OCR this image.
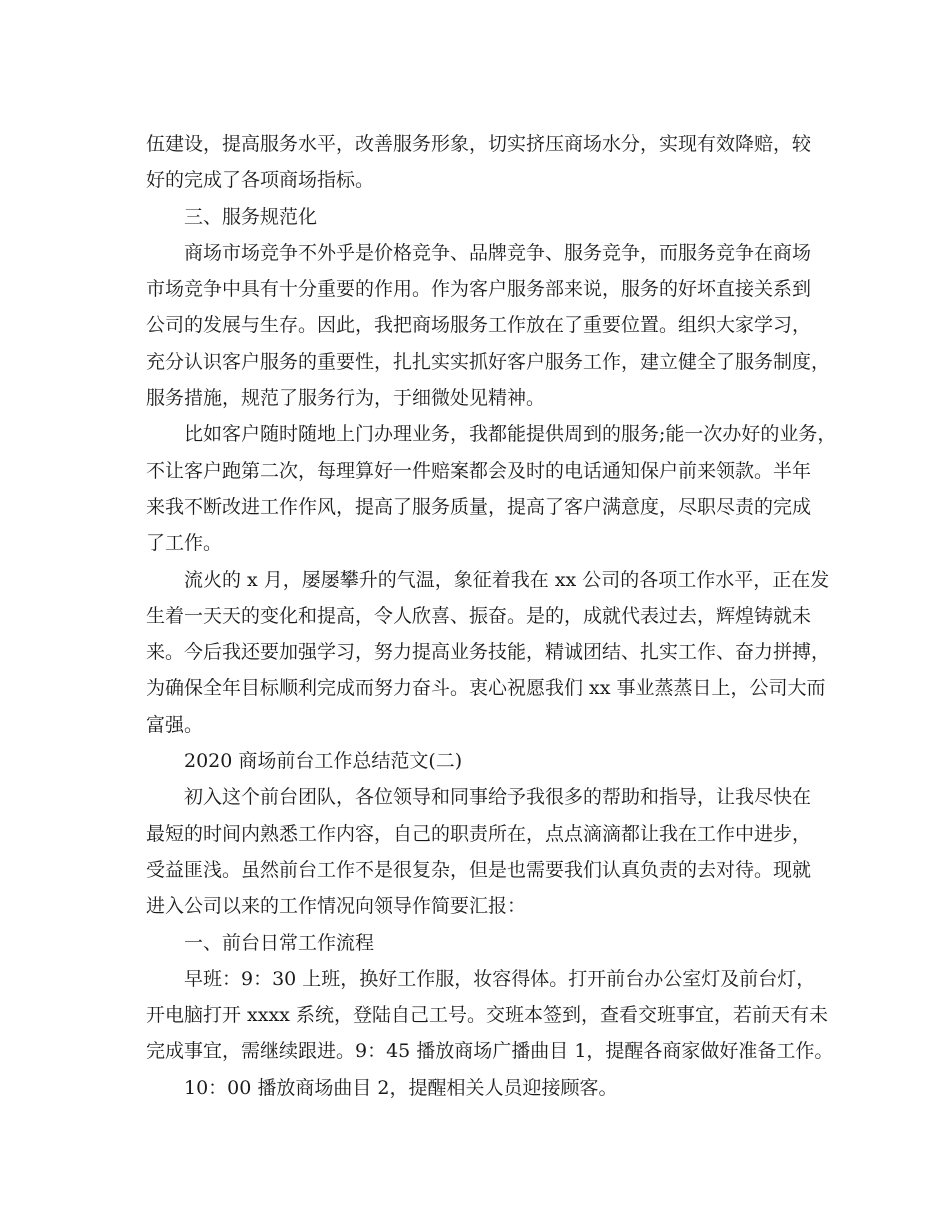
伍建设，提高服务水平，改善服务形象，切实挤压商场水分，实现有效降赔，较
好的完成了各项商场指标。
三、服务规范化
商场市场竞争不外乎是价格竞争、品牌竞争、服务竞争，而服务竞争在商场
市场竞争中具有十分重要的作用。作为客户服务部来说，服务的好坏直接关系到
公司的发展与生存。因此，我把商场服务工作放在了重要位置。组织大家学习，
充分认识客户服务的重要性，扎扎实实抓好客户服务工作，建立健全了服务制度，
服务措施，规范了服务行为，于细微处见精神。
比如客户随时随地上门办理业务，我都能提供周到的服务;能一次办好的业务，
不让客户跑第二次，每理算好一件赔案都会及时的电话通知保户前来领款。半年
来我不断改进工作作风，提高了服务质量，提高了客户满意度，尽职尽责的完成
了工作。
流火的 x 月，屡屡攀升的气温，象征着我在 xx 公司的各项工作水平，正在发
生着一天天的变化和提高，令人欣喜、振奋。是的，成就代表过去，辉煌铸就未
来。今后我还要加强学习，努力提高业务技能，精诚团结、扎实工作、奋力拼搏，
为确保全年目标顺利完成而努力奋斗。衷心祝愿我们 xx 事业蒸蒸日上，公司大而
富强。
2020 商场前台工作总结范文(二)
初入这个前台团队，各位领导和同事给予我很多的帮助和指导，让我尽快在
最短的时间内熟悉工作内容，自己的职责所在，点点滴滴都让我在工作中进步，
受益匪浅。虽然前台工作不是很复杂，但是也需要我们认真负责的去对待。现就
进入公司以来的工作情况向领导作简要汇报：
一、前台日常工作流程
早班：9：30 上班，换好工作服，妆容得体。打开前台办公室灯及前台灯，
开电脑打开 xxxx 系统，登陆自己工号。交班本签到，查看交班事宜，若前天有未
完成事宜，需继续跟进。9：45 播放商场广播曲目 1，提醒各商家做好准备工作。
10：00 播放商场曲目 2，提醒相关人员迎接顾客。
